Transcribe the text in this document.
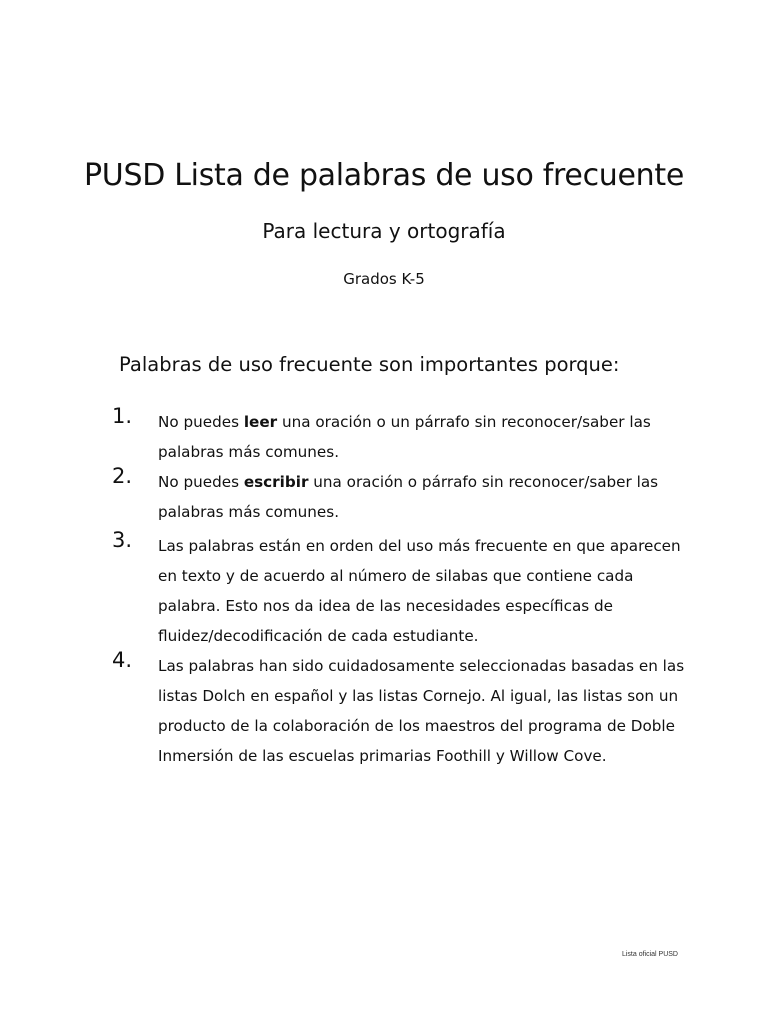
PUSD Lista de palabras de uso frecuente

Para lectura y ortografía

Grados K-5

Palabras de uso frecuente son importantes porque:

1. No puedes leer una oración o un párrafo sin reconocer/saber las palabras más comunes.

2. No puedes escribir una oración o párrafo sin reconocer/saber las palabras más comunes.

3. Las palabras están en orden del uso más frecuente en que aparecen en texto y de acuerdo al número de silabas que contiene cada palabra. Esto nos da idea de las necesidades específicas de fluidez/decodificación de cada estudiante.

4. Las palabras han sido cuidadosamente seleccionadas basadas en las listas Dolch en español y las listas Cornejo. Al igual, las listas son un producto de la colaboración de los maestros del programa de Doble Inmersión de las escuelas primarias Foothill y Willow Cove.

Lista oficial PUSD
